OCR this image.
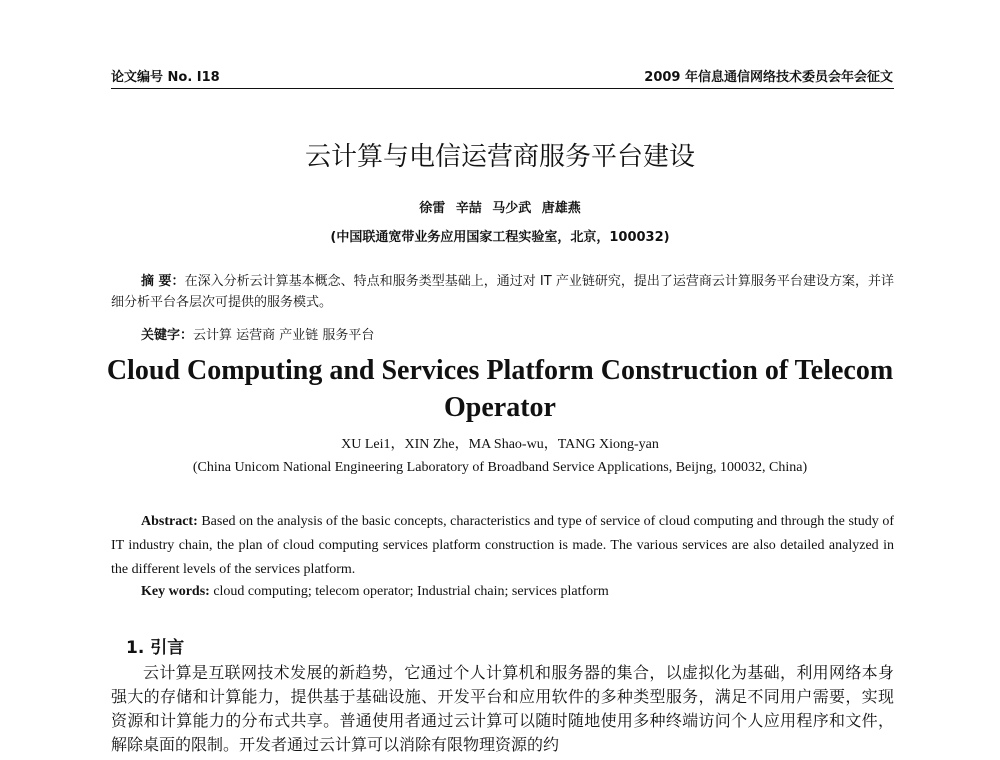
论文编号 No. I18	2009 年信息通信网络技术委员会年会征文
云计算与电信运营商服务平台建设
徐雷 辛喆 马少武 唐雄燕
(中国联通宽带业务应用国家工程实验室，北京，100032)

摘 要：在深入分析云计算基本概念、特点和服务类型基础上，通过对 IT 产业链研究，提出了运营商云计算服务平台建设方案，并详细分析平台各层次可提供的服务模式。

关键字：云计算 运营商 产业链 服务平台
Cloud Computing and Services Platform Construction of Telecom
Operator
XU Lei1，XIN Zhe，MA Shao-wu，TANG Xiong-yan
(China Unicom National Engineering Laboratory of Broadband Service Applications, Beijng, 100032, China)

Abstract: Based on the analysis of the basic concepts, characteristics and type of service of cloud computing and through the study of IT industry chain, the plan of cloud computing services platform construction is made. The various services are also detailed analyzed in the different levels of the services platform.

Key words: cloud computing; telecom operator; Industrial chain; services platform
1. 引言

云计算是互联网技术发展的新趋势，它通过个人计算机和服务器的集合，以虚拟化为基础，利用网络本身强大的存储和计算能力，提供基于基础设施、开发平台和应用软件的多种类型服务，满足不同用户需要，实现资源和计算能力的分布式共享。普通使用者通过云计算可以随时随地使用多种终端访问个人应用程序和文件，解除桌面的限制。开发者通过云计算可以消除有限物理资源的约
